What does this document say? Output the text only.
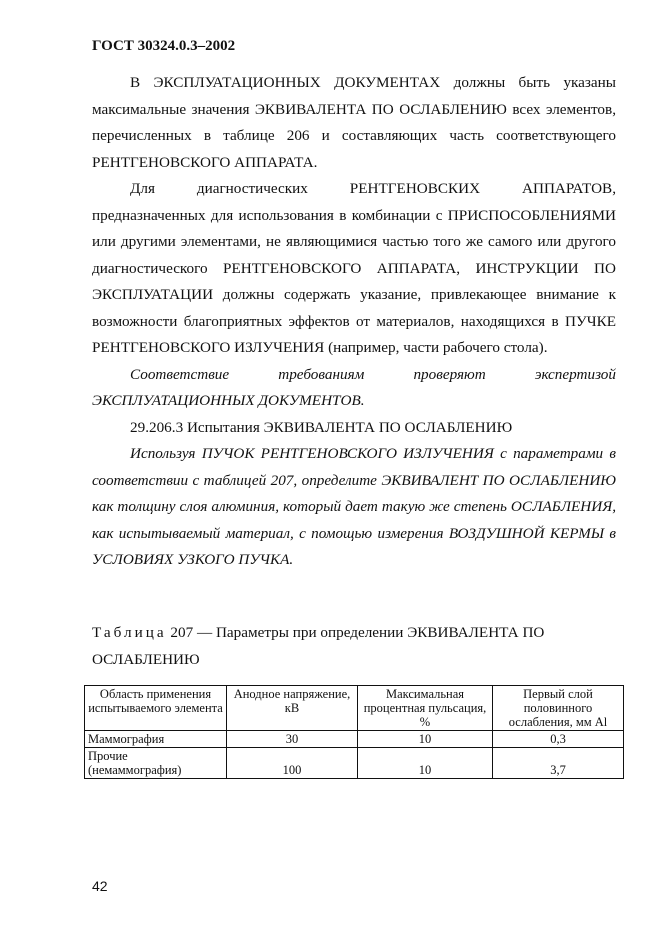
ГОСТ 30324.0.3–2002

В ЭКСПЛУАТАЦИОННЫХ ДОКУМЕНТАХ должны быть указаны максимальные значения ЭКВИВАЛЕНТА ПО ОСЛАБЛЕНИЮ всех элементов, перечисленных в таблице 206 и составляющих часть соответствующего РЕНТГЕНОВСКОГО АППАРАТА.

Для диагностических РЕНТГЕНОВСКИХ АППАРАТОВ, предназначенных для использования в комбинации с ПРИСПОСОБЛЕНИЯМИ или другими элементами, не являющимися частью того же самого или другого диагностического РЕНТГЕНОВСКОГО АППАРАТА, ИНСТРУКЦИИ ПО ЭКСПЛУАТАЦИИ должны содержать указание, привлекающее внимание к возможности благоприятных эффектов от материалов, находящихся в ПУЧКЕ РЕНТГЕНОВСКОГО ИЗЛУЧЕНИЯ (например, части рабочего стола).

Соответствие требованиям проверяют экспертизой ЭКСПЛУАТАЦИОННЫХ ДОКУМЕНТОВ.

29.206.3 Испытания ЭКВИВАЛЕНТА ПО ОСЛАБЛЕНИЮ

Используя ПУЧОК РЕНТГЕНОВСКОГО ИЗЛУЧЕНИЯ с параметрами в соответствии с таблицей 207, определите ЭКВИВАЛЕНТ ПО ОСЛАБЛЕНИЮ как толщину слоя алюминия, который дает такую же степень ОСЛАБЛЕНИЯ, как испытываемый материал, с помощью измерения ВОЗДУШНОЙ КЕРМЫ в УСЛОВИЯХ УЗКОГО ПУЧКА.

Таблица 207 — Параметры при определении ЭКВИВАЛЕНТА ПО ОСЛАБЛЕНИЮ
Область применения испытываемого элемента	Анодное напряжение, кВ	Максимальная процентная пульсация, %	Первый слой половинного ослабления, мм Al
Маммография	30	10	0,3
Прочие (немаммография)	100	10	3,7
42
